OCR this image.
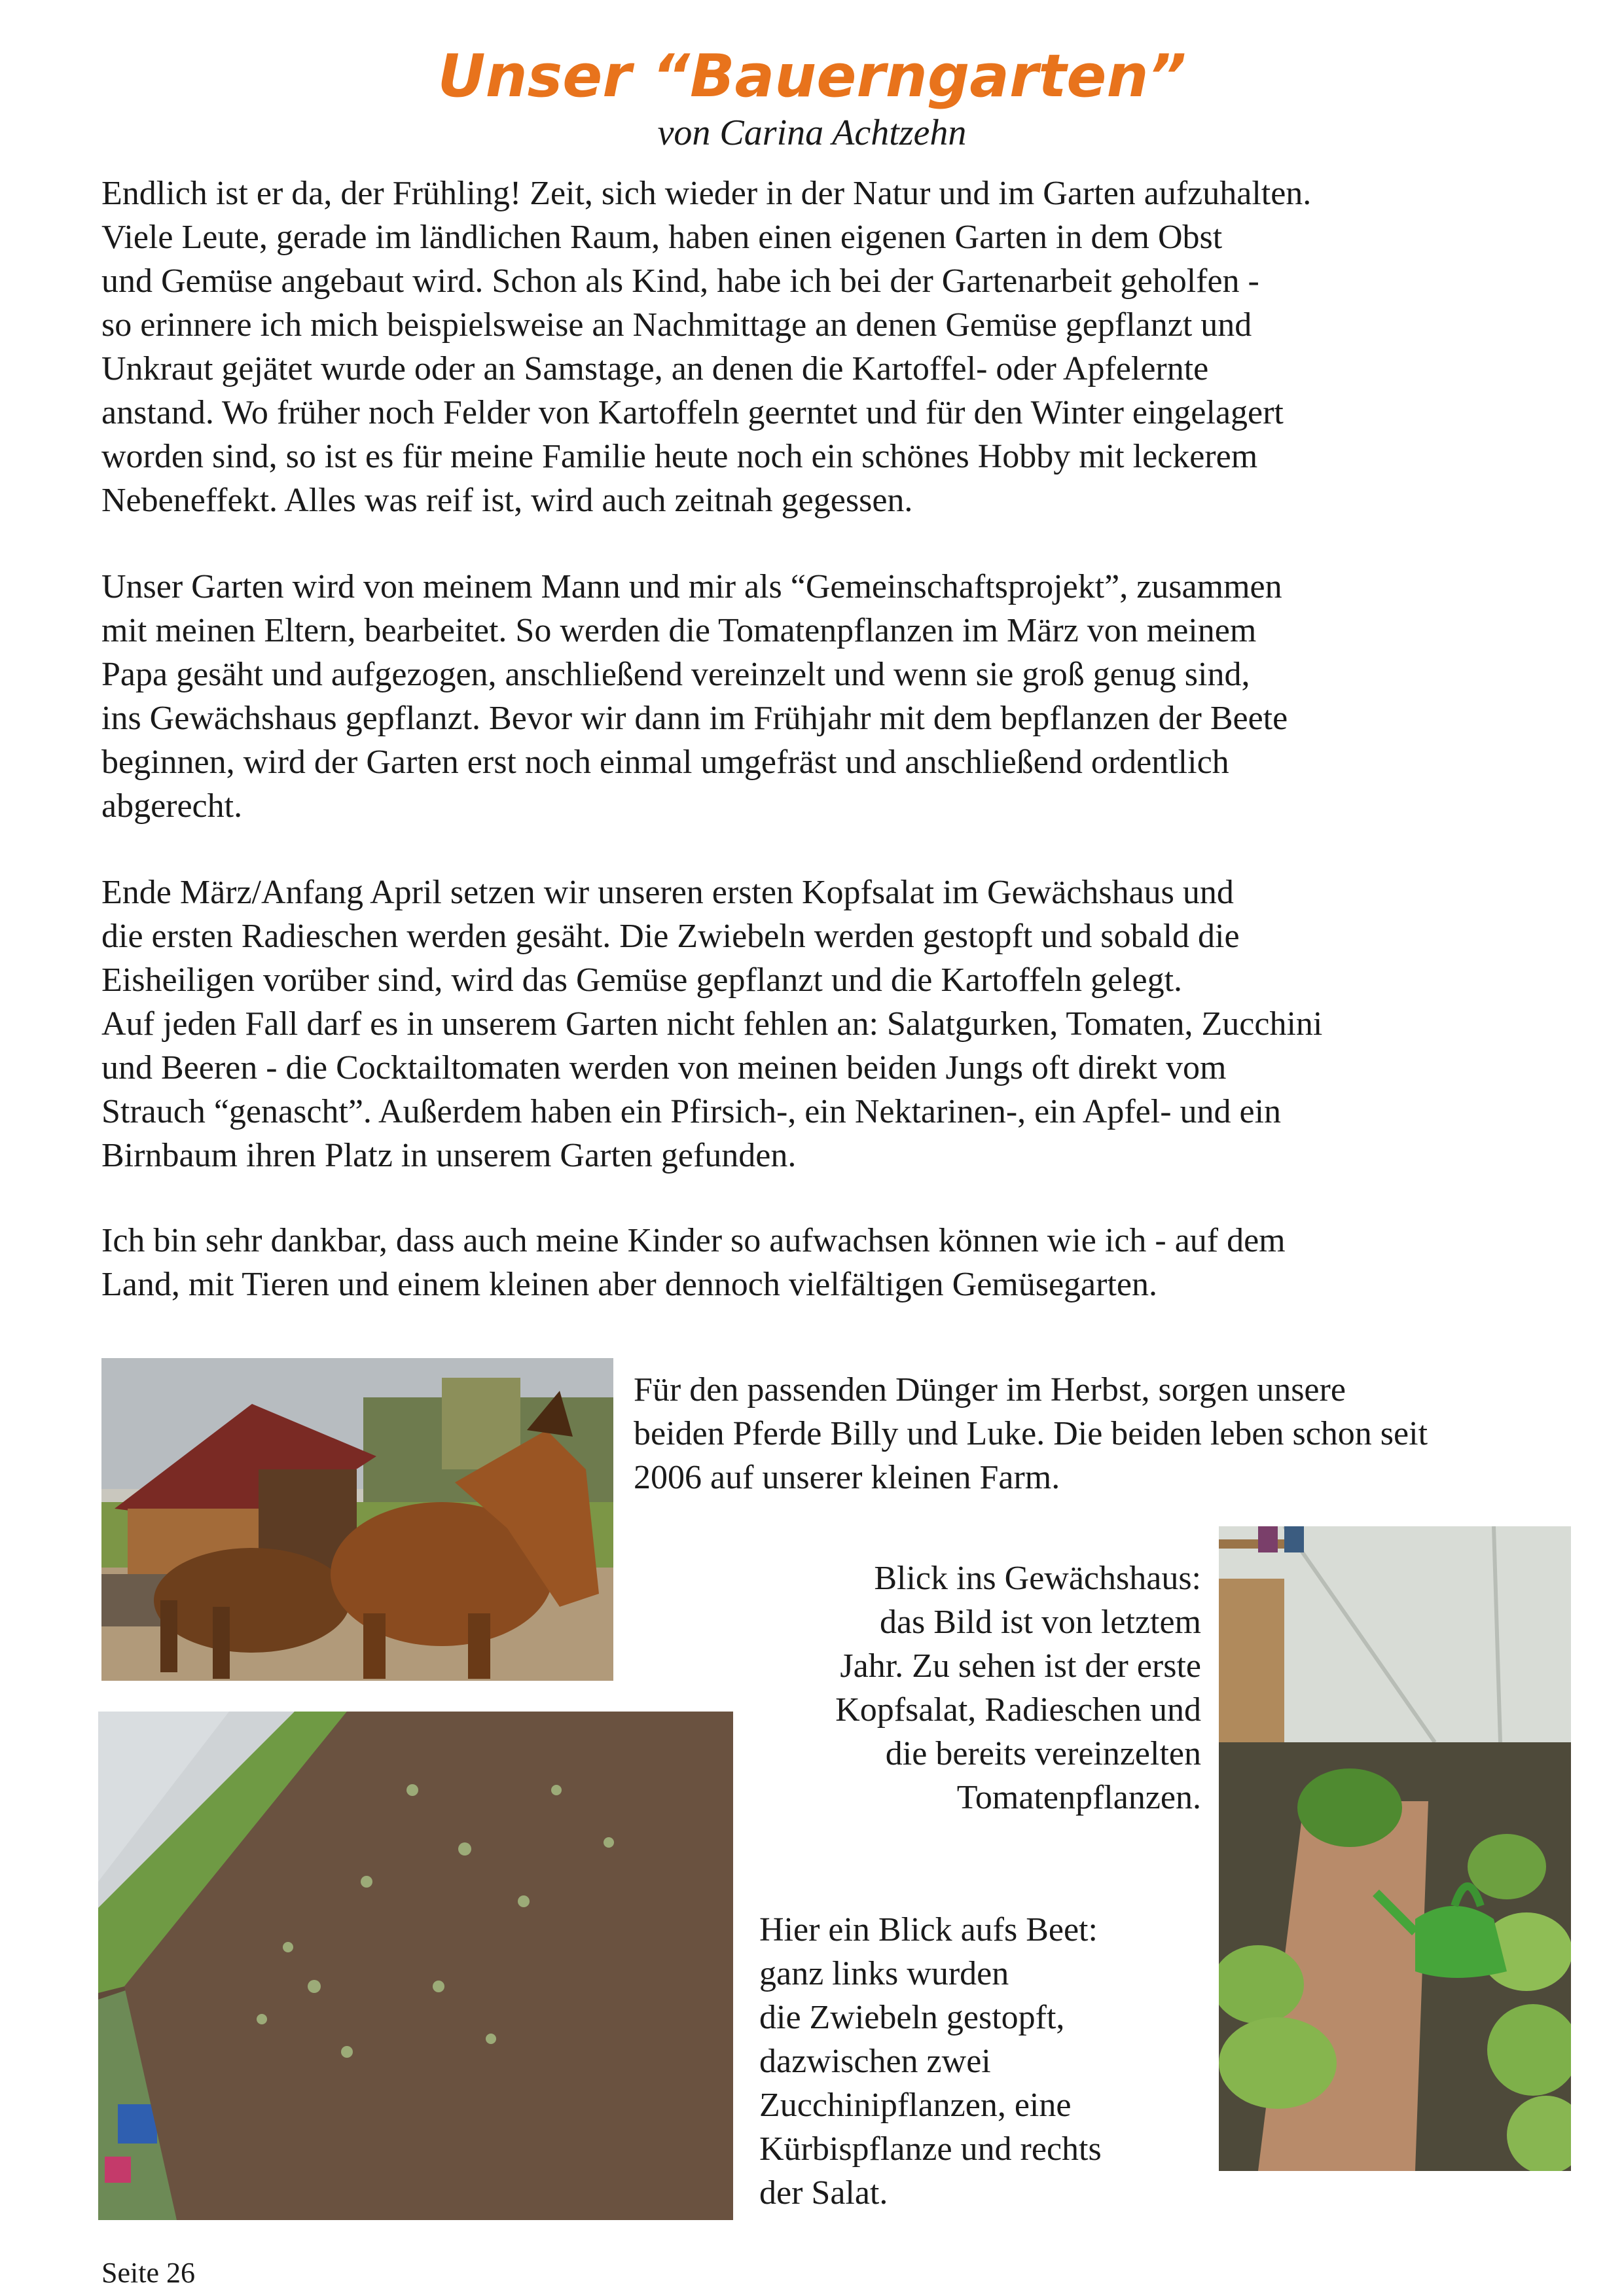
Unser “Bauerngarten”
von Carina Achtzehn
Endlich ist er da, der Frühling! Zeit, sich wieder in der Natur und im Garten aufzuhalten.
Viele Leute, gerade im ländlichen Raum, haben einen eigenen Garten in dem Obst
und Gemüse angebaut wird. Schon als Kind, habe ich bei der Gartenarbeit geholfen -
so erinnere ich mich beispielsweise an Nachmittage an denen Gemüse gepflanzt und
Unkraut gejätet wurde oder an Samstage, an denen die Kartoffel- oder Apfelernte
anstand. Wo früher noch Felder von Kartoffeln geerntet und für den Winter eingelagert
worden sind, so ist es für meine Familie heute noch ein schönes Hobby mit leckerem
Nebeneffekt. Alles was reif ist, wird auch zeitnah gegessen.
Unser Garten wird von meinem Mann und mir als “Gemeinschaftsprojekt”, zusammen
mit meinen Eltern, bearbeitet. So werden die Tomatenpflanzen im März von meinem
Papa gesäht und aufgezogen, anschließend vereinzelt und wenn sie groß genug sind,
ins Gewächshaus gepflanzt. Bevor wir dann im Frühjahr mit dem bepflanzen der Beete
beginnen, wird der Garten erst noch einmal umgefräst und anschließend ordentlich
abgerecht.
Ende März/Anfang April setzen wir unseren ersten Kopfsalat im Gewächshaus und
die ersten Radieschen werden gesäht. Die Zwiebeln werden gestopft und sobald die
Eisheiligen vorüber sind, wird das Gemüse gepflanzt und die Kartoffeln gelegt.
Auf jeden Fall darf es in unserem Garten nicht fehlen an: Salatgurken, Tomaten, Zucchini
und Beeren - die Cocktailtomaten werden von meinen beiden Jungs oft direkt vom
Strauch “genascht”. Außerdem haben ein Pfirsich-, ein Nektarinen-, ein Apfel- und ein
Birnbaum ihren Platz in unserem Garten gefunden.
Ich bin sehr dankbar, dass auch meine Kinder so aufwachsen können wie ich - auf dem
Land, mit Tieren und einem kleinen aber dennoch vielfältigen Gemüsegarten.
Für den passenden Dünger im Herbst, sorgen unsere
beiden Pferde Billy und Luke. Die beiden leben schon seit
2006 auf unserer kleinen Farm.
Blick ins Gewächshaus:
das Bild ist von letztem
Jahr. Zu sehen ist der erste
Kopfsalat, Radieschen und
die bereits vereinzelten
Tomatenpflanzen.
Hier ein Blick aufs Beet:
ganz links wurden
die Zwiebeln gestopft,
dazwischen zwei
Zucchinipflanzen, eine
Kürbispflanze und rechts
der Salat.
Seite 26
